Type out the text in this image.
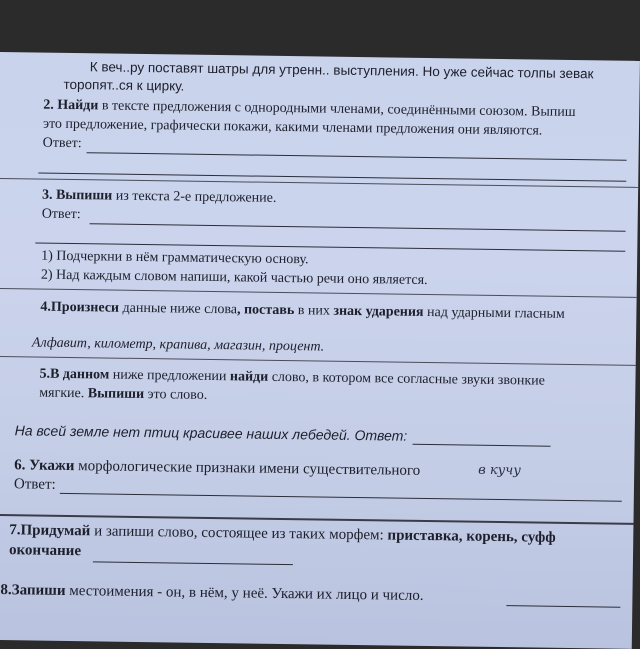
К веч..ру поставят шатры для утренн.. выступления. Но уже сейчас толпы зевак
торопят..ся к цирку.
2. Найди в тексте предложения с однородными членами, соединёнными союзом. Выпиш
это предложение, графически покажи, какими членами предложения они являются.
Ответ:
3. Выпиши из текста 2-е предложение.
Ответ:
1) Подчеркни в нём грамматическую основу.
2) Над каждым словом напиши, какой частью речи оно является.
4.Произнеси данные ниже слова, поставь в них знак ударения над ударными гласным
Алфавит, километр, крапива, магазин, процент.
5.В данном ниже предложении найди слово, в котором все согласные звуки звонкие
мягкие. Выпиши это слово.
На всей земле нет птиц красивее наших лебедей. Ответ:
6. Укажи морфологические признаки имени существительного	в кучу
Ответ:
7.Придумай и запиши слово, состоящее из таких морфем: приставка, корень, суфф
окончание
8.Запиши местоимения - он, в нём, у неё. Укажи их лицо и число.
